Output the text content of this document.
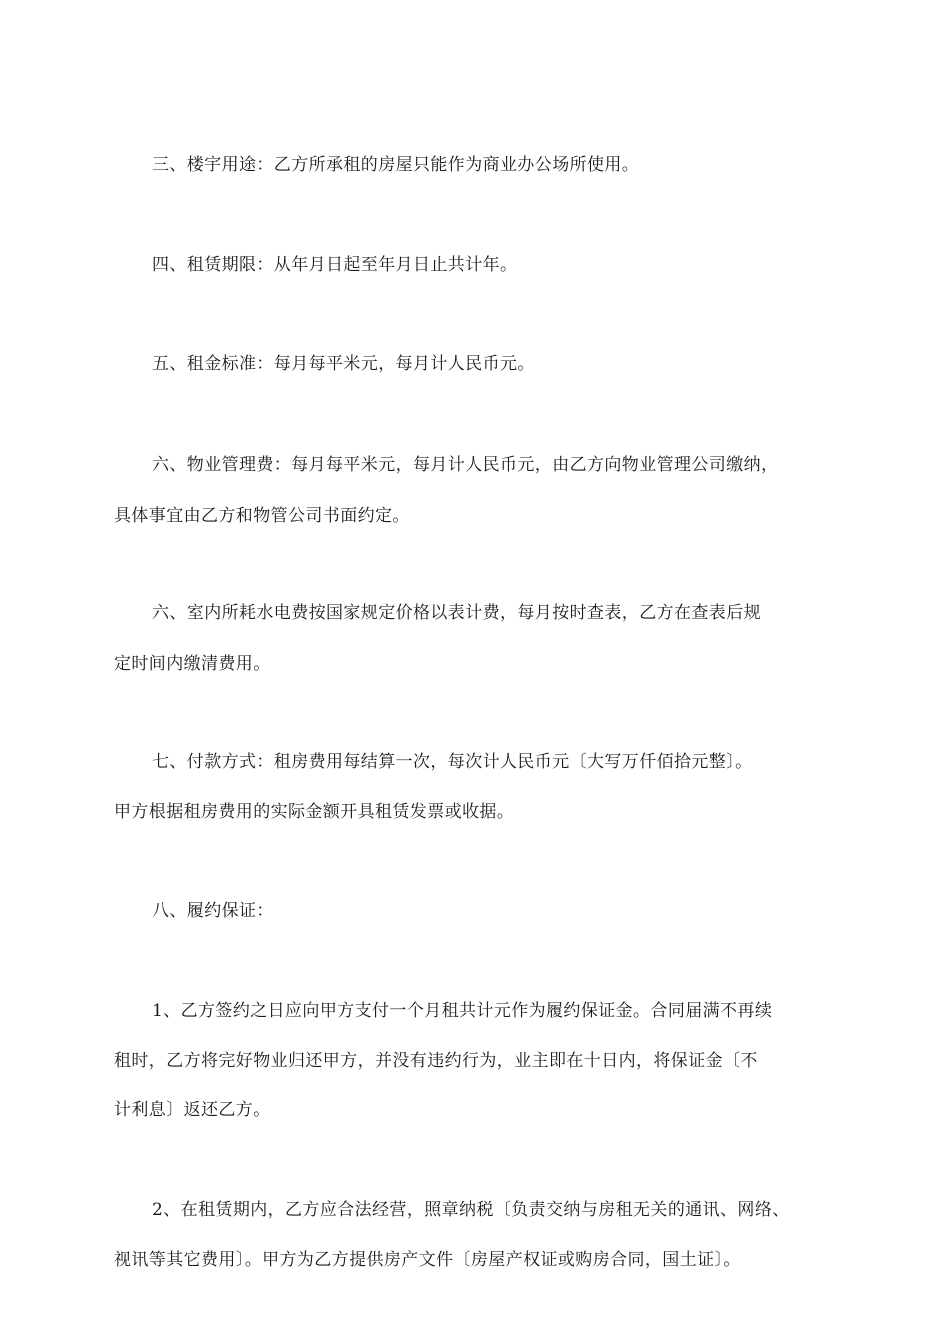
三、楼宇用途：乙方所承租的房屋只能作为商业办公场所使用。
四、租赁期限：从年月日起至年月日止共计年。
五、租金标准：每月每平米元，每月计人民币元。
六、物业管理费：每月每平米元，每月计人民币元，由乙方向物业管理公司缴纳，
具体事宜由乙方和物管公司书面约定。
六、室内所耗水电费按国家规定价格以表计费，每月按时查表，乙方在查表后规
定时间内缴清费用。
七、付款方式：租房费用每结算一次，每次计人民币元〔大写万仟佰拾元整〕。
甲方根据租房费用的实际金额开具租赁发票或收据。
八、履约保证：
1、乙方签约之日应向甲方支付一个月租共计元作为履约保证金。合同届满不再续
租时，乙方将完好物业归还甲方，并没有违约行为，业主即在十日内，将保证金〔不
计利息〕返还乙方。
2、在租赁期内，乙方应合法经营，照章纳税〔负责交纳与房租无关的通讯、网络、
视讯等其它费用〕。甲方为乙方提供房产文件〔房屋产权证或购房合同，国土证〕。
